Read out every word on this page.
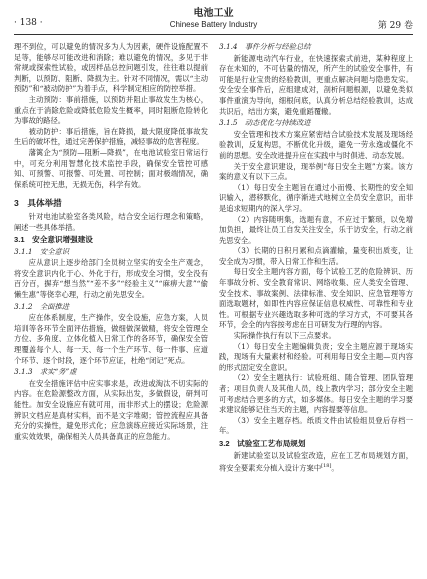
· 138 ·
电池工业
Chinese Battery Industry	第 29 卷

理不到位，可以避免的情况多为人为因素，硬件设施配置不足等，能够尽可能改进和消除；难以避免的情况，多见于非常规或探索性试验，或因样品总控问题引发，往往难以提前判断，以预防、阻断、降损为主。针对不同情况，需以“主动预防”和“被动防护”为着手点，科学制定相应的防控举措。

主动预防：事前措施，以预防并阻止事故发生为核心，重点在于消除危险或降低危险发生概率，同时阻断危险转化为事故的路径。

被动防护：事后措施，旨在降损，最大限度降低事故发生后的破坏性，通过完善保护措施，减轻事故的危害程度。

藩篱企为“预防—阻断—降损”，在电池试验室日常运行中，可充分利用智慧化技术监控手段，确保安全管控可感知、可预警、可报警、可处置、可控制；面对极端情况，确保系统可控无患，无损无伤，科学有效。

3　具体举措

针对电池试验室各类风险，结合安全运行理念和策略，阐述一些具体举措。

3.1　安全意识增强建设
3.1.1　安全意识

应从意识上逐步给部门全员树立坚实的安全生产观念，将安全意识内化于心、外化于行，形成安全习惯，安全没有百分百，摒弃“想当然”“差不多”“经验主义”“麻痹大意”“偷懒生惠”等侥幸心理，行动之前先思安全。

3.1.2　全面推进

应在体系制度，生产操作，安全设施，应急方案，人员培训等各环节全面评估措施，做细做深做精，将安全管理全方位、多角度、立体化植入日常工作的各环节，确保安全管理覆盖每个人、每一天、每一个生产环节、每一件事、应道个环节、逐个时段，逐个环节应证，杜绝“闭记”死点。

3.1.3　求实“务”虚

在安全措施评估中应实事求是，改进或淘汰不切实际的内容。在危险源整改方面，从实际出发，多做假设，研判可能性。加安全设施应有就可用，而非形式上的摆设；危险源辨识文档应是真材实料，而不是文字堆砌；管控流程应具备充分的实操性，避免形式化；应急演练应接近实际场景，注重实效效果，确保相关人员具备真正的应急能力。

3.1.4　事件分析与经验总结

新能源电动汽车行业，在快速探索式前进，某种程度上存在未知的，不可估量的情况，所产生的试验安全事件，有可能是行业宝贵的经验教训，更重点解决问题与隐患发实。安全安全事件后，应组建成对，剖析问题根源，以避免类似事件重演为导向，细根问底，认真分析总结经验教训，达成共识后，结出方案，避免重蹈覆辙。

3.1.5　动态优化与持续改进

安全管理和技术方案应紧密结合试验技术发展及现场经验教训，反复构思，不断优化升级，避免一劳永逸或僵化不前的思想。安全改进提升应在实践中与时俱进、动态发展。

关于安全意识建设，现举例“每日安全主题”方案。该方案的意义有以下三点。

（1）每日安全主题旨在通过小而慢、长期性的安全知识输入，潜移默化，循序渐进式地树立全员安全意识，而非是追求短期内的深入学习。

（2）内容随明集，选题有意，不应过于繁琐，以免增加负担，最终让员工自发关注安全，乐于访安全，行动之前先思安全。

（3）长期的日积月累和点滴灌输，量变积出质变，让安全成为习惯，带入日常工作和生活。

每日安全主题内容方面，每个试验工艺的危险辨识、历年事故分析、安全教育常识、网络收集、应人类安全管理、安全技术、事故案例、法律标准、安全知识、应急管理等方面选取题材，如即性内容应保证信息权威性、可靠性和专业性。可根据专业兴趣选取多种可选的学习方式，不可要其各环节，会全的内容按考虑在日可研发为行理的内容。

实际操作执行有以下三点要求。

（1）每日安全主题编辑负责；安全主题应源于现场实践，现场有大量素材和经验。可利用每日安全主题—页内容的形式固定安全意识。

（2）安全主题执行：试验班组、随合管理、团队管理者；项目负责人及其他人员，线上教内学习；部分安全主题可考虑结合更多的方式，如多媒体。每日安全主题的学习要求建议能够记住当天的主题，内容提要等信息。

（3）安全主题存档。纸质文件由试验组员登后存档一年。

3.2　试验室工艺布局规划

新建试验室以及试验室改造，应在工艺布局规划方面，将安全要素充分植入设计方案中[18]。
